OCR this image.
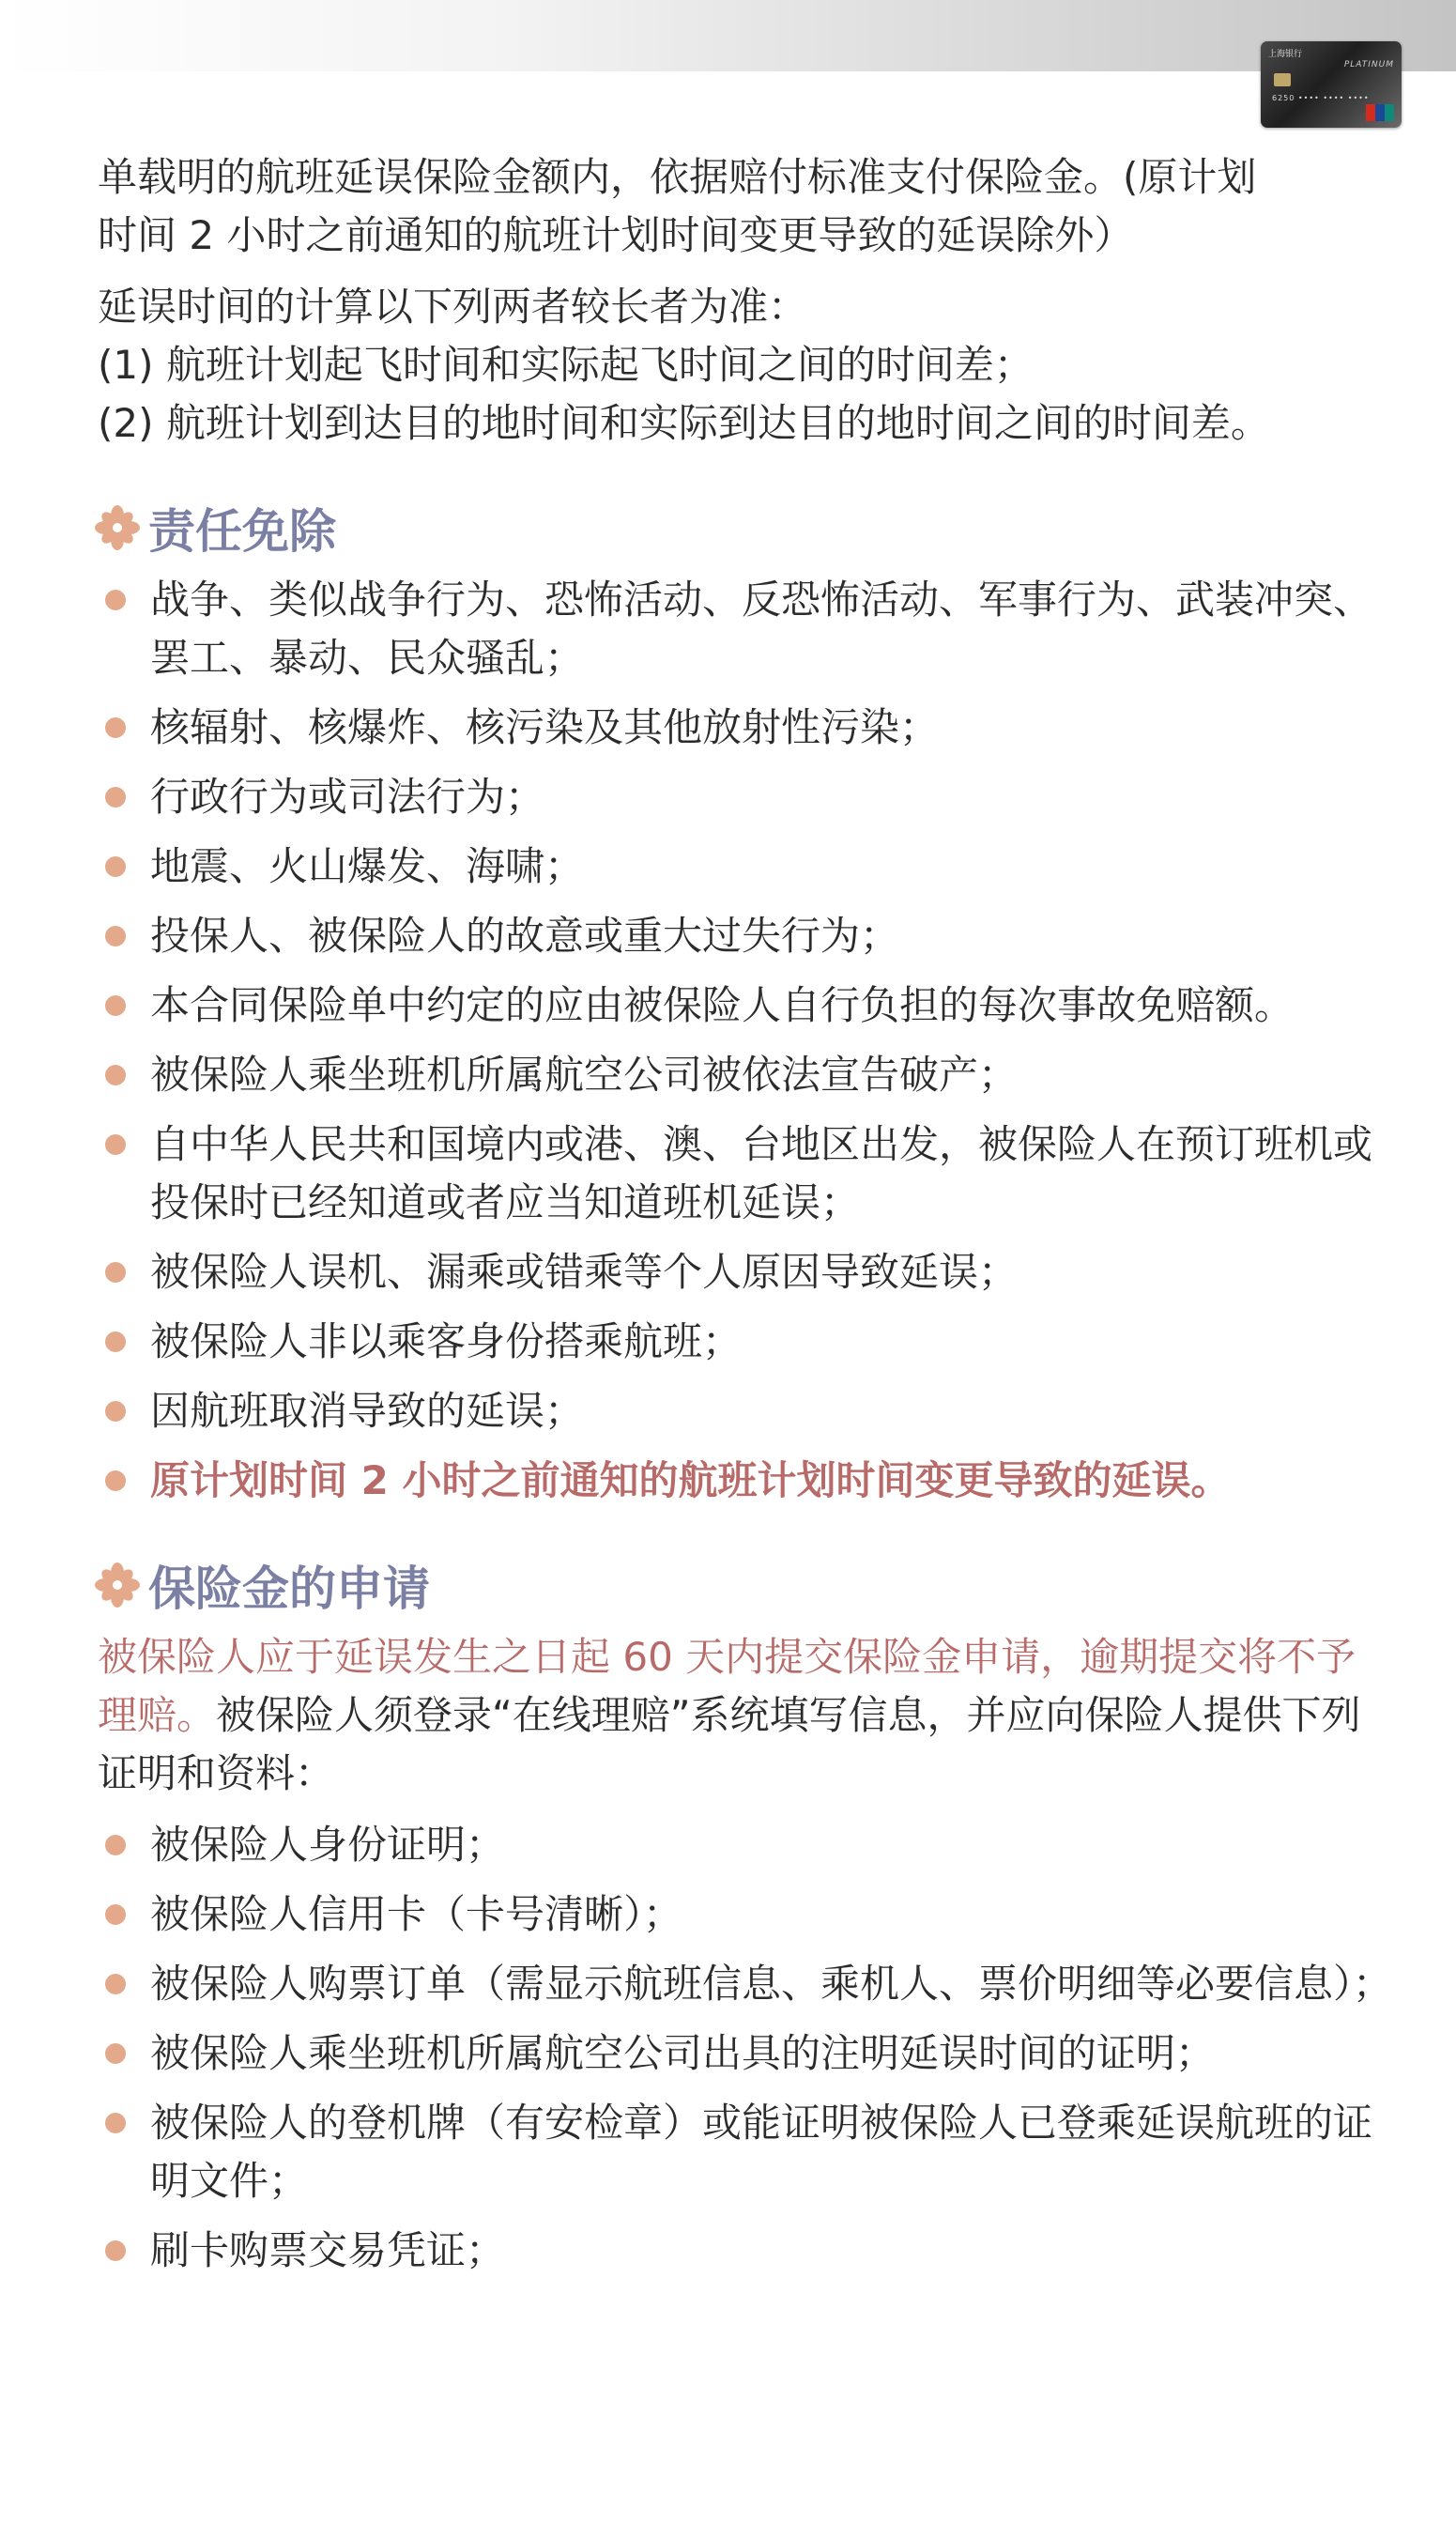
上海银行
PLATINUM
6250 •••• •••• ••••

单载明的航班延误保险金额内，依据赔付标准支付保险金。(原计划

时间 2 小时之前通知的航班计划时间变更导致的延误除外）

延误时间的计算以下列两者较长者为准：

(1) 航班计划起飞时间和实际起飞时间之间的时间差；

(2) 航班计划到达目的地时间和实际到达目的地时间之间的时间差。

责任免除
战争、类似战争行为、恐怖活动、反恐怖活动、军事行为、武装冲突、罢工、暴动、民众骚乱；
核辐射、核爆炸、核污染及其他放射性污染；
行政行为或司法行为；
地震、火山爆发、海啸；
投保人、被保险人的故意或重大过失行为；
本合同保险单中约定的应由被保险人自行负担的每次事故免赔额。
被保险人乘坐班机所属航空公司被依法宣告破产；
自中华人民共和国境内或港、澳、台地区出发，被保险人在预订班机或投保时已经知道或者应当知道班机延误；
被保险人误机、漏乘或错乘等个人原因导致延误；
被保险人非以乘客身份搭乘航班；
因航班取消导致的延误；
原计划时间 2 小时之前通知的航班计划时间变更导致的延误。
保险金的申请

被保险人应于延误发生之日起 60 天内提交保险金申请，逾期提交将不予理赔。被保险人须登录“在线理赔”系统填写信息，并应向保险人提供下列证明和资料：

被保险人身份证明；
被保险人信用卡（卡号清晰）；
被保险人购票订单（需显示航班信息、乘机人、票价明细等必要信息）；
被保险人乘坐班机所属航空公司出具的注明延误时间的证明；
被保险人的登机牌（有安检章）或能证明被保险人已登乘延误航班的证明文件；
刷卡购票交易凭证；
